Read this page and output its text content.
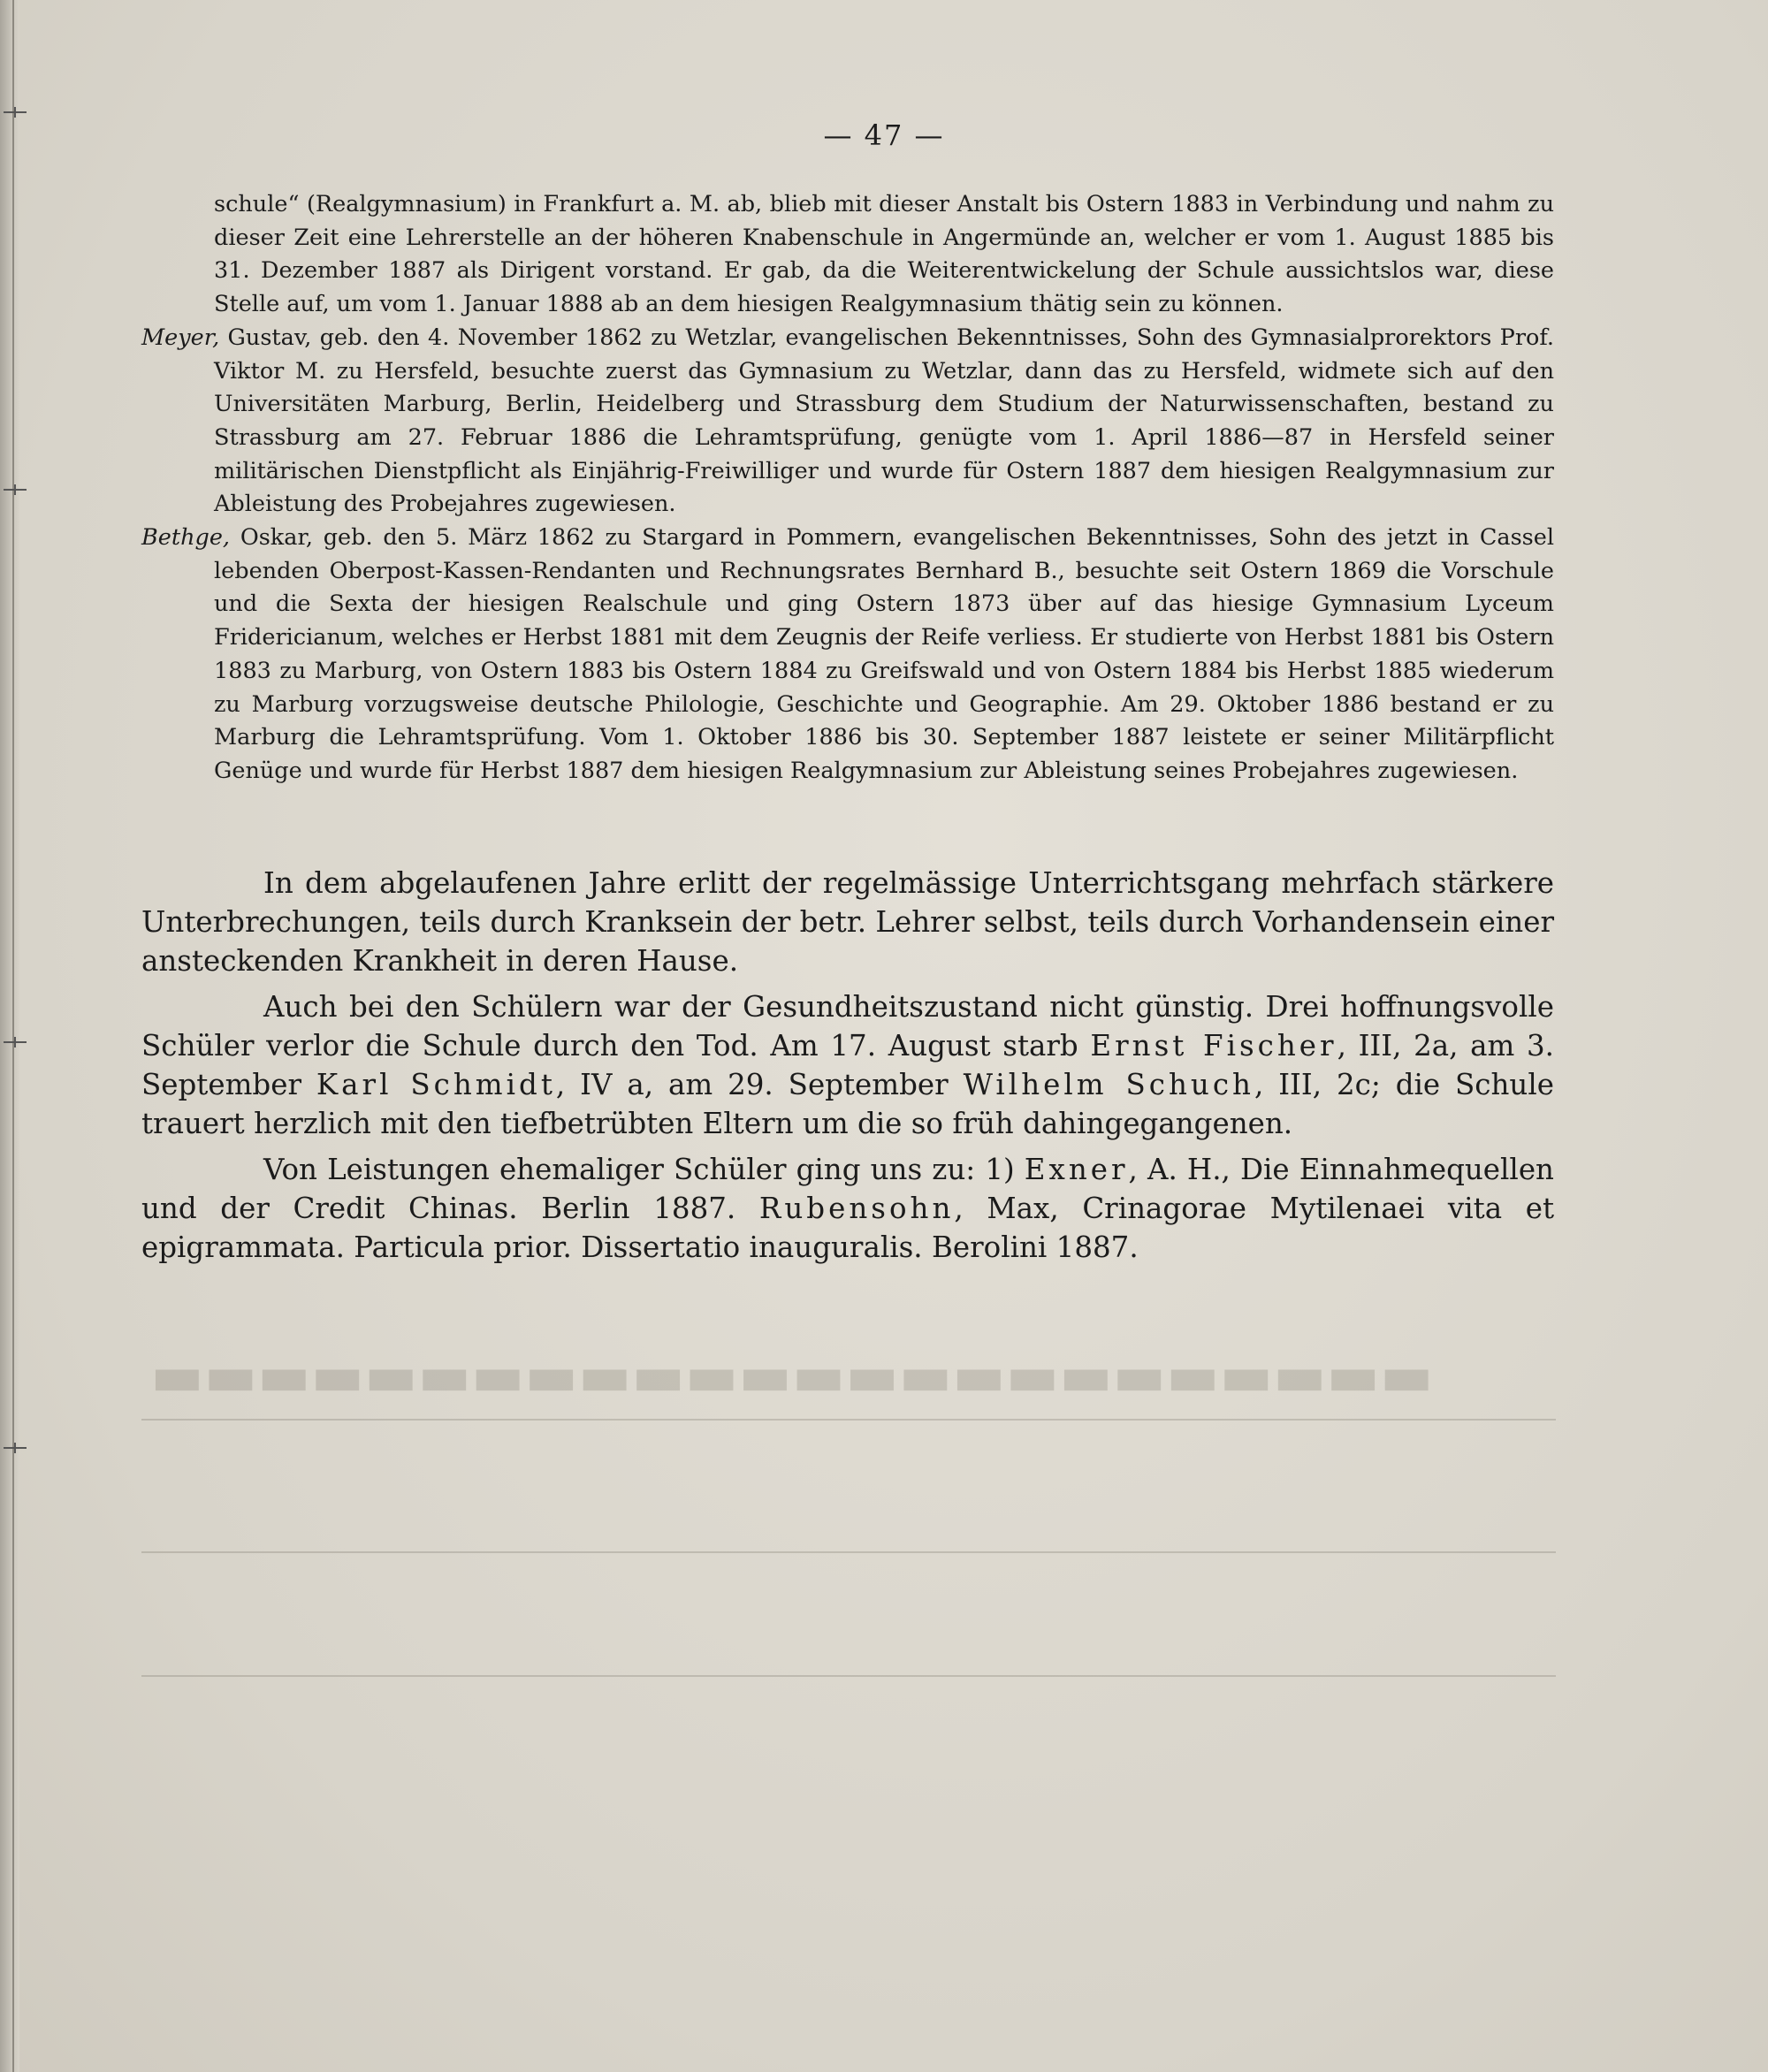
▬▬▬▬▬▬▬▬▬▬▬▬▬▬▬▬▬▬▬▬▬▬▬▬
— 47 —

schule“ (Realgymnasium) in Frankfurt a. M. ab, blieb mit dieser Anstalt bis Ostern 1883 in Verbindung und nahm zu dieser Zeit eine Lehrerstelle an der höheren Knabenschule in Angermünde an, welcher er vom 1. August 1885 bis 31. Dezember 1887 als Dirigent vorstand. Er gab, da die Weiterentwickelung der Schule aussichtslos war, diese Stelle auf, um vom 1. Januar 1888 ab an dem hiesigen Realgymnasium thätig sein zu können.

Meyer, Gustav, geb. den 4. November 1862 zu Wetzlar, evangelischen Bekenntnisses, Sohn des Gymnasialprorektors Prof. Viktor M. zu Hersfeld, besuchte zuerst das Gymnasium zu Wetzlar, dann das zu Hersfeld, widmete sich auf den Universitäten Marburg, Berlin, Heidelberg und Strassburg dem Studium der Naturwissenschaften, bestand zu Strassburg am 27. Februar 1886 die Lehramtsprüfung, genügte vom 1. April 1886—87 in Hersfeld seiner militärischen Dienstpflicht als Einjährig-Freiwilliger und wurde für Ostern 1887 dem hiesigen Realgymnasium zur Ableistung des Probejahres zugewiesen.

Bethge, Oskar, geb. den 5. März 1862 zu Stargard in Pommern, evangelischen Bekenntnisses, Sohn des jetzt in Cassel lebenden Oberpost-Kassen-Rendanten und Rechnungsrates Bernhard B., besuchte seit Ostern 1869 die Vorschule und die Sexta der hiesigen Realschule und ging Ostern 1873 über auf das hiesige Gymnasium Lyceum Fridericianum, welches er Herbst 1881 mit dem Zeugnis der Reife verliess. Er studierte von Herbst 1881 bis Ostern 1883 zu Marburg, von Ostern 1883 bis Ostern 1884 zu Greifswald und von Ostern 1884 bis Herbst 1885 wiederum zu Marburg vorzugsweise deutsche Philologie, Geschichte und Geographie. Am 29. Oktober 1886 bestand er zu Marburg die Lehramtsprüfung. Vom 1. Oktober 1886 bis 30. September 1887 leistete er seiner Militärpflicht Genüge und wurde für Herbst 1887 dem hiesigen Realgymnasium zur Ableistung seines Probejahres zugewiesen.

In dem abgelaufenen Jahre erlitt der regelmässige Unterrichtsgang mehrfach stärkere Unterbrechungen, teils durch Kranksein der betr. Lehrer selbst, teils durch Vorhandensein einer ansteckenden Krankheit in deren Hause.

Auch bei den Schülern war der Gesundheitszustand nicht günstig. Drei hoffnungsvolle Schüler verlor die Schule durch den Tod. Am 17. August starb Ernst Fischer, III, 2a, am 3. September Karl Schmidt, IV a, am 29. September Wilhelm Schuch, III, 2c; die Schule trauert herzlich mit den tiefbetrübten Eltern um die so früh dahingegangenen.

Von Leistungen ehemaliger Schüler ging uns zu: 1) Exner, A. H., Die Einnahmequellen und der Credit Chinas. Berlin 1887. Rubensohn, Max, Crinagorae Mytilenaei vita et epigrammata. Particula prior. Dissertatio inauguralis. Berolini 1887.
